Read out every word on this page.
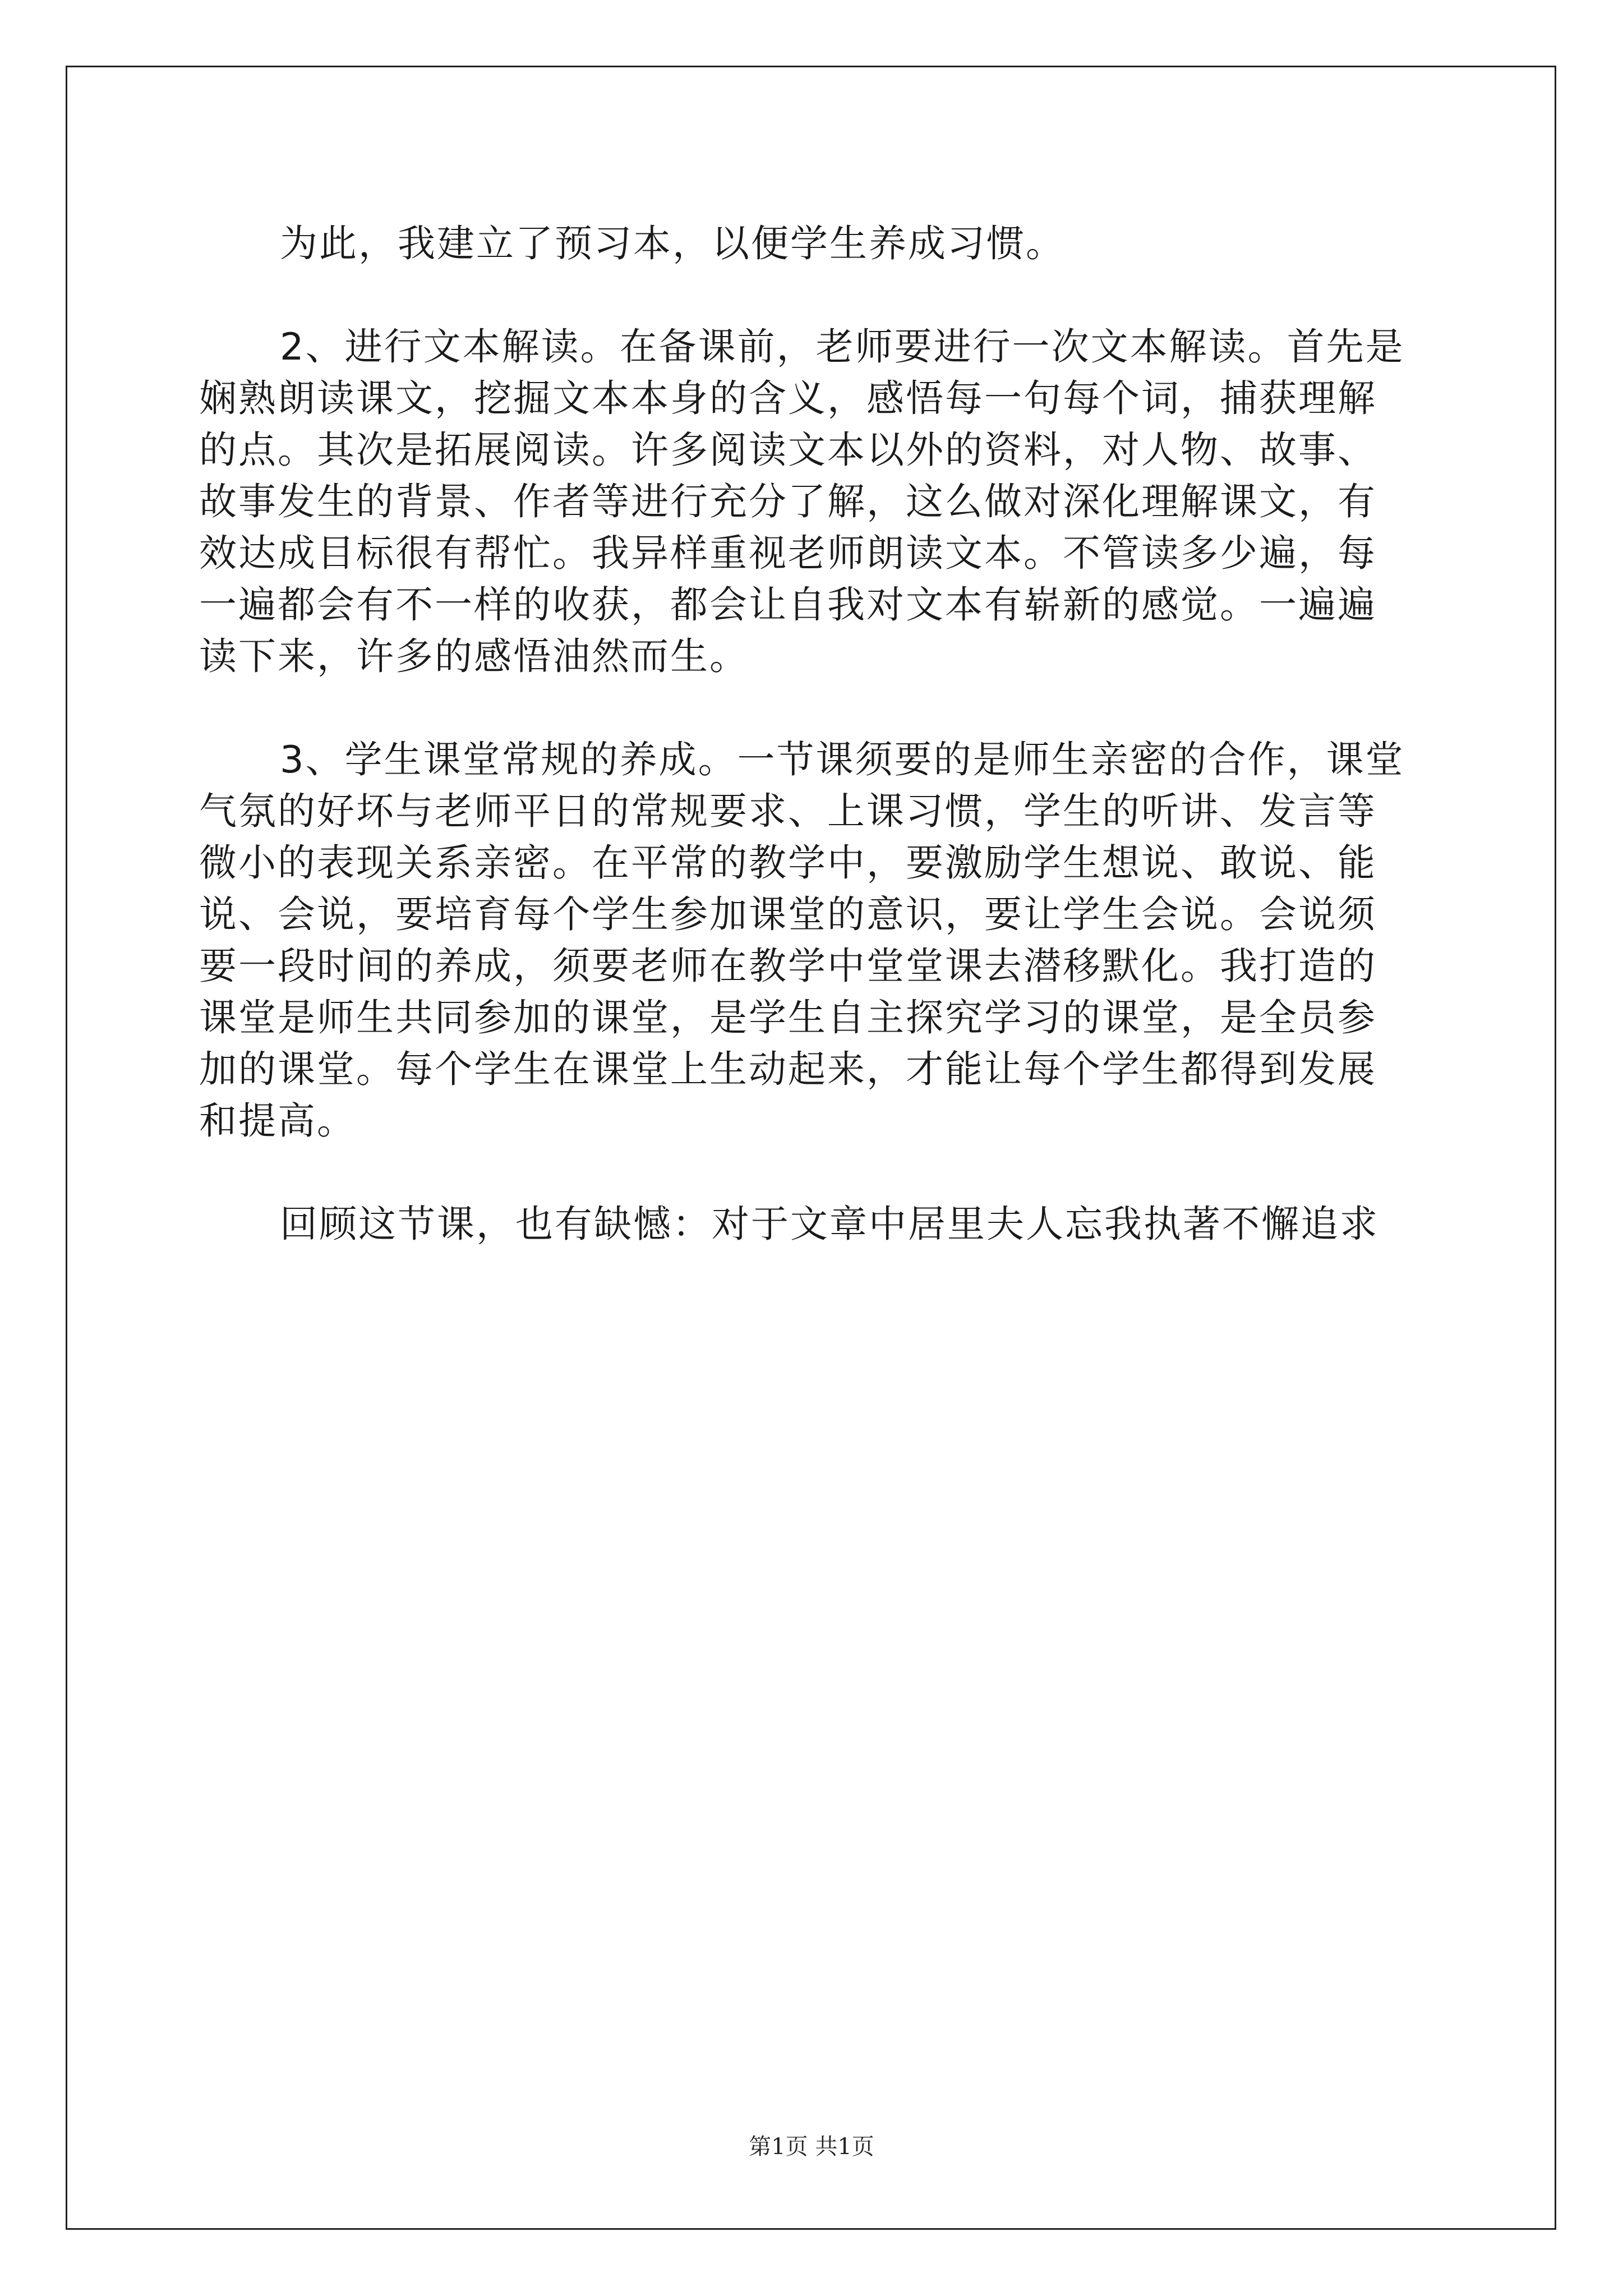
为此，我建立了预习本，以便学生养成习惯。
2、进行文本解读。在备课前，老师要进行一次文本解读。首先是
娴熟朗读课文，挖掘文本本身的含义，感悟每一句每个词，捕获理解
的点。其次是拓展阅读。许多阅读文本以外的资料，对人物、故事、
故事发生的背景、作者等进行充分了解，这么做对深化理解课文，有
效达成目标很有帮忙。我异样重视老师朗读文本。不管读多少遍，每
一遍都会有不一样的收获，都会让自我对文本有崭新的感觉。一遍遍
读下来，许多的感悟油然而生。
3、学生课堂常规的养成。一节课须要的是师生亲密的合作，课堂
气氛的好坏与老师平日的常规要求、上课习惯，学生的听讲、发言等
微小的表现关系亲密。在平常的教学中，要激励学生想说、敢说、能
说、会说，要培育每个学生参加课堂的意识，要让学生会说。会说须
要一段时间的养成，须要老师在教学中堂堂课去潜移默化。我打造的
课堂是师生共同参加的课堂，是学生自主探究学习的课堂，是全员参
加的课堂。每个学生在课堂上生动起来，才能让每个学生都得到发展
和提高。
回顾这节课，也有缺憾：对于文章中居里夫人忘我执著不懈追求
第1页 共1页
